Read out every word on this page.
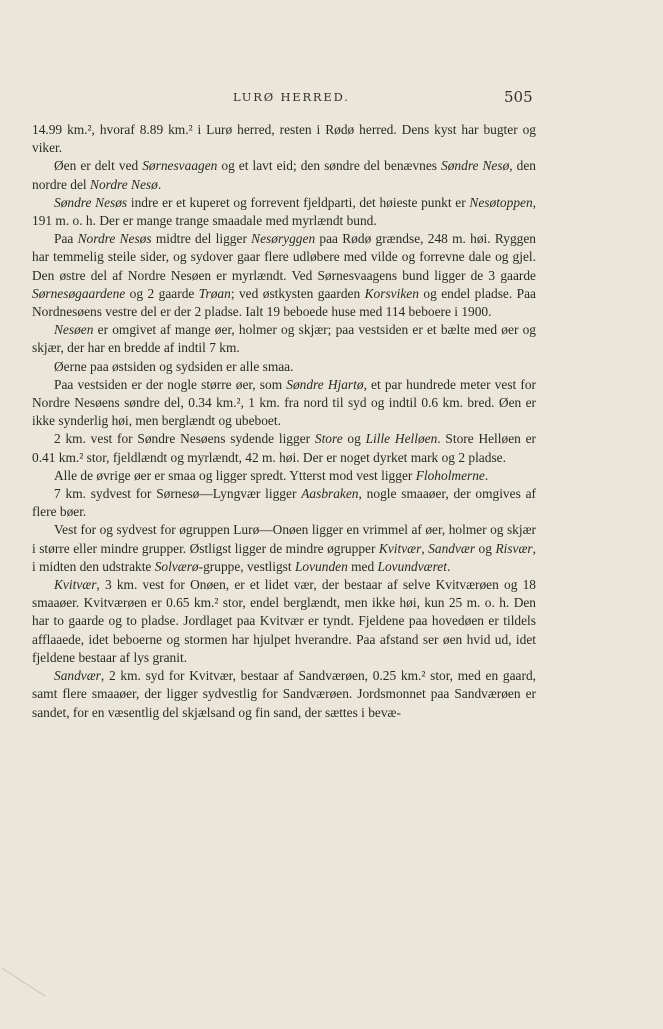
LURØ HERRED.	505

14.99 km.², hvoraf 8.89 km.² i Lurø herred, resten i Rødø herred. Dens kyst har bugter og viker.

Øen er delt ved Sørnesvaagen og et lavt eid; den søndre del benævnes Søndre Nesø, den nordre del Nordre Nesø.

Søndre Nesøs indre er et kuperet og forrevent fjeldparti, det høieste punkt er Nesøtoppen, 191 m. o. h. Der er mange trange smaadale med myrlændt bund.

Paa Nordre Nesøs midtre del ligger Nesøryggen paa Rødø grændse, 248 m. høi. Ryggen har temmelig steile sider, og sydover gaar flere udløbere med vilde og forrevne dale og gjel. Den østre del af Nordre Nesøen er myrlændt. Ved Sørnesvaagens bund ligger de 3 gaarde Sørnesøgaardene og 2 gaarde Trøan; ved østkysten gaarden Korsviken og endel pladse. Paa Nordnesøens vestre del er der 2 pladse. Ialt 19 beboede huse med 114 beboere i 1900.

Nesøen er omgivet af mange øer, holmer og skjær; paa vestsiden er et bælte med øer og skjær, der har en bredde af indtil 7 km.

Øerne paa østsiden og sydsiden er alle smaa.

Paa vestsiden er der nogle større øer, som Søndre Hjartø, et par hundrede meter vest for Nordre Nesøens søndre del, 0.34 km.², 1 km. fra nord til syd og indtil 0.6 km. bred. Øen er ikke synderlig høi, men berglændt og ubeboet.

2 km. vest for Søndre Nesøens sydende ligger Store og Lille Helløen. Store Helløen er 0.41 km.² stor, fjeldlændt og myrlændt, 42 m. høi. Der er noget dyrket mark og 2 pladse.

Alle de øvrige øer er smaa og ligger spredt. Ytterst mod vest ligger Floholmerne.

7 km. sydvest for Sørnesø—Lyngvær ligger Aasbraken, nogle smaaøer, der omgives af flere bøer.

Vest for og sydvest for øgruppen Lurø—Onøen ligger en vrimmel af øer, holmer og skjær i større eller mindre grupper. Østligst ligger de mindre øgrupper Kvitvær, Sandvær og Risvær, i midten den udstrakte Solværø-gruppe, vestligst Lovunden med Lovundværet.

Kvitvær, 3 km. vest for Onøen, er et lidet vær, der bestaar af selve Kvitværøen og 18 smaaøer. Kvitværøen er 0.65 km.² stor, endel berglændt, men ikke høi, kun 25 m. o. h. Den har to gaarde og to pladse. Jordlaget paa Kvitvær er tyndt. Fjeldene paa hovedøen er tildels afflaaede, idet beboerne og stormen har hjulpet hverandre. Paa afstand ser øen hvid ud, idet fjeldene bestaar af lys granit.

Sandvær, 2 km. syd for Kvitvær, bestaar af Sandværøen, 0.25 km.² stor, med en gaard, samt flere smaaøer, der ligger sydvestlig for Sandværøen. Jordsmonnet paa Sandværøen er sandet, for en væsentlig del skjælsand og fin sand, der sættes i bevæ-
